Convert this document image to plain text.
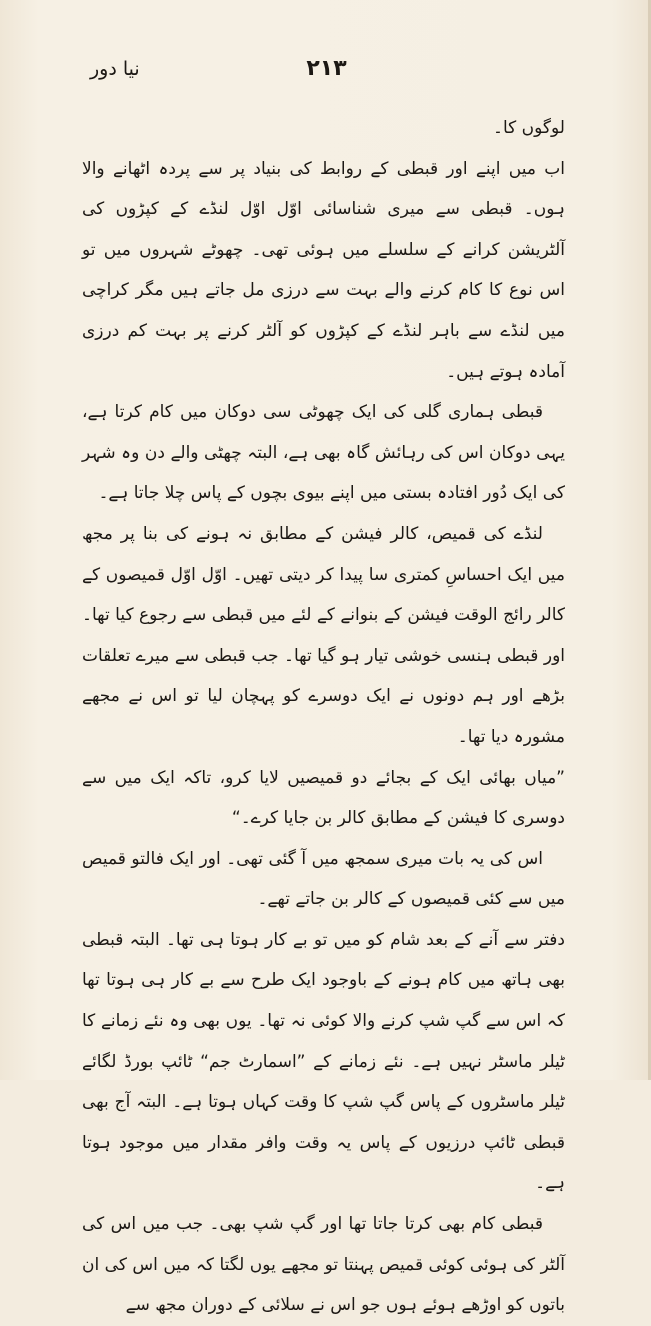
۲۱۳
نیا دور

لوگوں کا۔

اب میں اپنے اور قبطی کے روابط کی بنیاد پر سے پردہ اٹھانے والا ہوں۔ قبطی سے میری شناسائی اوّل اوّل لنڈے کے کپڑوں کی آلٹریشن کرانے کے سلسلے میں ہوئی تھی۔ چھوٹے شہروں میں تو اس نوع کا کام کرنے والے بہت سے درزی مل جاتے ہیں مگر کراچی میں لنڈے سے باہر لنڈے کے کپڑوں کو آلٹر کرنے پر بہت کم درزی آمادہ ہوتے ہیں۔

قبطی ہماری گلی کی ایک چھوٹی سی دوکان میں کام کرتا ہے، یہی دوکان اس کی رہائش گاہ بھی ہے، البتہ چھٹی والے دن وہ شہر کی ایک دُور افتادہ بستی میں اپنے بیوی بچوں کے پاس چلا جاتا ہے۔

لنڈے کی قمیص، کالر فیشن کے مطابق نہ ہونے کی بنا پر مجھ میں ایک احساسِ کمتری سا پیدا کر دیتی تھیں۔ اوّل اوّل قمیصوں کے کالر رائج الوقت فیشن کے بنوانے کے لئے میں قبطی سے رجوع کیا تھا۔ اور قبطی ہنسی خوشی تیار ہو گیا تھا۔ جب قبطی سے میرے تعلقات بڑھے اور ہم دونوں نے ایک دوسرے کو پہچان لیا تو اس نے مجھے مشورہ دیا تھا۔

”میاں بھائی ایک کے بجائے دو قمیصیں لایا کرو، تاکہ ایک میں سے دوسری کا فیشن کے مطابق کالر بن جایا کرے۔“

اس کی یہ بات میری سمجھ میں آ گئی تھی۔ اور ایک فالتو قمیص میں سے کئی قمیصوں کے کالر بن جاتے تھے۔

دفتر سے آنے کے بعد شام کو میں تو بے کار ہوتا ہی تھا۔ البتہ قبطی بھی ہاتھ میں کام ہونے کے باوجود ایک طرح سے بے کار ہی ہوتا تھا کہ اس سے گپ شپ کرنے والا کوئی نہ تھا۔ یوں بھی وہ نئے زمانے کا ٹیلر ماسٹر نہیں ہے۔ نئے زمانے کے ”اسمارٹ جم“ ٹائپ بورڈ لگائے ٹیلر ماسٹروں کے پاس گپ شپ کا وقت کہاں ہوتا ہے۔ البتہ آج بھی قبطی ٹائپ درزیوں کے پاس یہ وقت وافر مقدار میں موجود ہوتا ہے۔

قبطی کام بھی کرتا جاتا تھا اور گپ شپ بھی۔ جب میں اس کی آلٹر کی ہوئی کوئی قمیص پہنتا تو مجھے یوں لگتا کہ میں اس کی ان باتوں کو اوڑھے ہوئے ہوں جو اس نے سلائی کے دوران مجھ سے
